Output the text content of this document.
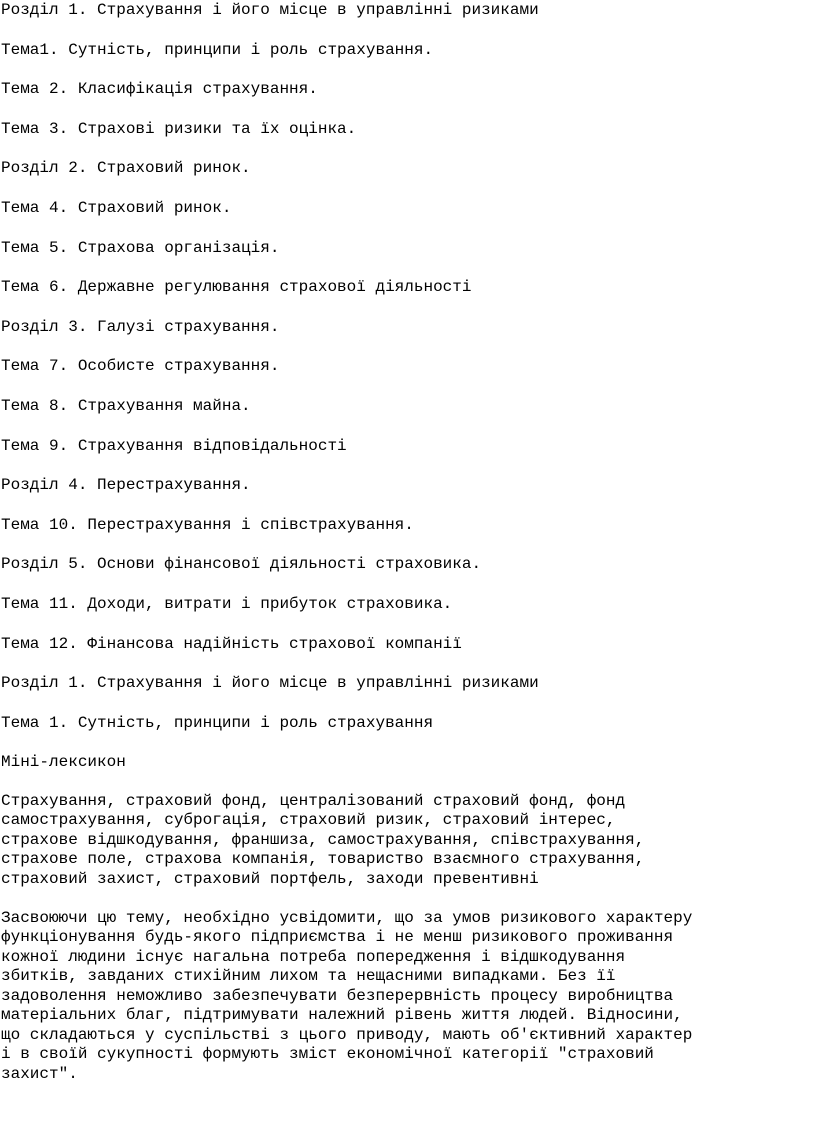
Розділ 1. Страхування і його місце в управлінні ризиками

Тема1. Сутність, принципи і роль страхування.

Тема 2. Класифікація страхування.

Тема 3. Страхові ризики та їх оцінка.

Розділ 2. Страховий ринок.

Тема 4. Страховий ринок.

Тема 5. Страхова організація.

Тема 6. Державне регулювання страхової діяльності

Розділ 3. Галузі страхування.

Тема 7. Особисте страхування.

Тема 8. Страхування майна.

Тема 9. Страхування відповідальності

Розділ 4. Перестрахування.

Тема 10. Перестрахування і співстрахування.

Розділ 5. Основи фінансової діяльності страховика.

Тема 11. Доходи, витрати і прибуток страховика.

Тема 12. Фінансова надійність страхової компанії

Розділ 1. Страхування і його місце в управлінні ризиками

Тема 1. Сутність, принципи і роль страхування

Міні-лексикон

Страхування, страховий фонд, централізований страховий фонд, фонд
самострахування, суброгація, страховий ризик, страховий інтерес,
страхове відшкодування, франшиза, самострахування, співстрахування,
страхове поле, страхова компанія, товариство взаємного страхування,
страховий захист, страховий портфель, заходи превентивні

Засвоюючи цю тему, необхідно усвідомити, що за умов ризикового характеру
функціонування будь-якого підприємства і не менш ризикового проживання
кожної людини існує нагальна потреба попередження і відшкодування
збитків, завданих стихійним лихом та нещасними випадками. Без її
задоволення неможливо забезпечувати безперервність процесу виробництва
матеріальних благ, підтримувати належний рівень життя людей. Відносини,
що складаються у суспільстві з цього приводу, мають об'єктивний характер
і в своїй сукупності формують зміст економічної категорії "страховий
захист".
